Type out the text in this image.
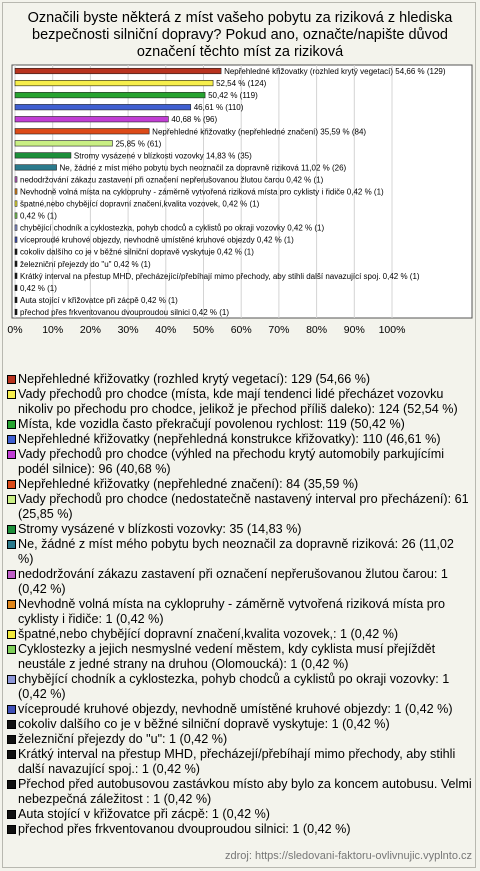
Označili byste některá z míst vašeho pobytu za riziková z hlediska bezpečnosti silniční dopravy? Pokud ano, označte/napište důvod označení těchto míst za riziková
0% 10% 20% 30% 40% 50% 60% 70% 80% 90% 100%
Nepřehledné křižovatky (rozhled krytý vegetací) 54,66 % (129)
52,54 % (124)
50,42 % (119)
46,61 % (110)
40,68 % (96)
Nepřehledné křižovatky (nepřehledné značení) 35,59 % (84)
25,85 % (61)
Stromy vysázené v blízkosti vozovky 14,83 % (35)
Ne, žádné z míst mého pobytu bych neoznačil za dopravně riziková 11,02 % (26)
nedodržování zákazu zastavení při označení nepřerušovanou žlutou čarou 0,42 % (1)
Nevhodně volná místa na cyklopruhy - záměrně vytvořená riziková místa pro cyklisty i řidiče 0,42 % (1)
špatné,nebo chybějící dopravní značení,kvalita vozovek, 0,42 % (1)
0,42 % (1)
chybějící chodník a cyklostezka, pohyb chodců a cyklistů po okraji vozovky 0,42 % (1)
víceproudé kruhové objezdy, nevhodně umístěné kruhové objezdy 0,42 % (1)
cokoliv dalšího co je v běžné silniční dopravě vyskytuje 0,42 % (1)
železniční přejezdy do "u" 0,42 % (1)
Krátký interval na přestup MHD, přecházející/přebíhají mimo přechody, aby stihli další navazující spoj. 0,42 % (1)
0,42 % (1)
Auta stojící v křižovatce při zácpě 0,42 % (1)
přechod přes frkventovanou dvouproudou silnici 0,42 % (1)
Nepřehledné křižovatky (rozhled krytý vegetací): 129 (54,66 %)
Vady přechodů pro chodce (místa, kde mají tendenci lidé přecházet vozovku nikoliv po přechodu pro chodce, jelikož je přechod příliš daleko): 124 (52,54 %)
Místa, kde vozidla často překračují povolenou rychlost: 119 (50,42 %)
Nepřehledné křižovatky (nepřehledná konstrukce křižovatky): 110 (46,61 %)
Vady přechodů pro chodce (výhled na přechodu krytý automobily parkujícími podél silnice): 96 (40,68 %)
Nepřehledné křižovatky (nepřehledné značení): 84 (35,59 %)
Vady přechodů pro chodce (nedostatečně nastavený interval pro přecházení): 61 (25,85 %)
Stromy vysázené v blízkosti vozovky: 35 (14,83 %)
Ne, žádné z míst mého pobytu bych neoznačil za dopravně riziková: 26 (11,02 %)
nedodržování zákazu zastavení při označení nepřerušovanou žlutou čarou: 1 (0,42 %)
Nevhodně volná místa na cyklopruhy - záměrně vytvořená riziková místa pro cyklisty i řidiče: 1 (0,42 %)
špatné,nebo chybějící dopravní značení,kvalita vozovek,: 1 (0,42 %)
Cyklostezky a jejich nesmyslné vedení městem, kdy cyklista musí přejíždět neustále z jedné strany na druhou (Olomoucká): 1 (0,42 %)
chybějící chodník a cyklostezka, pohyb chodců a cyklistů po okraji vozovky: 1 (0,42 %)
víceproudé kruhové objezdy, nevhodně umístěné kruhové objezdy: 1 (0,42 %)
cokoliv dalšího co je v běžné silniční dopravě vyskytuje: 1 (0,42 %)
železniční přejezdy do "u": 1 (0,42 %)
Krátký interval na přestup MHD, přecházejí/přebíhají mimo přechody, aby stihli další navazující spoj.: 1 (0,42 %)
Přechod před autobusovou zastávkou místo aby bylo za koncem autobusu. Velmi nebezpečná záležitost : 1 (0,42 %)
Auta stojící v křižovatce při zácpě: 1 (0,42 %)
přechod přes frkventovanou dvouproudou silnici: 1 (0,42 %)
zdroj: https://sledovani-faktoru-ovlivnujic.vyplnto.cz
